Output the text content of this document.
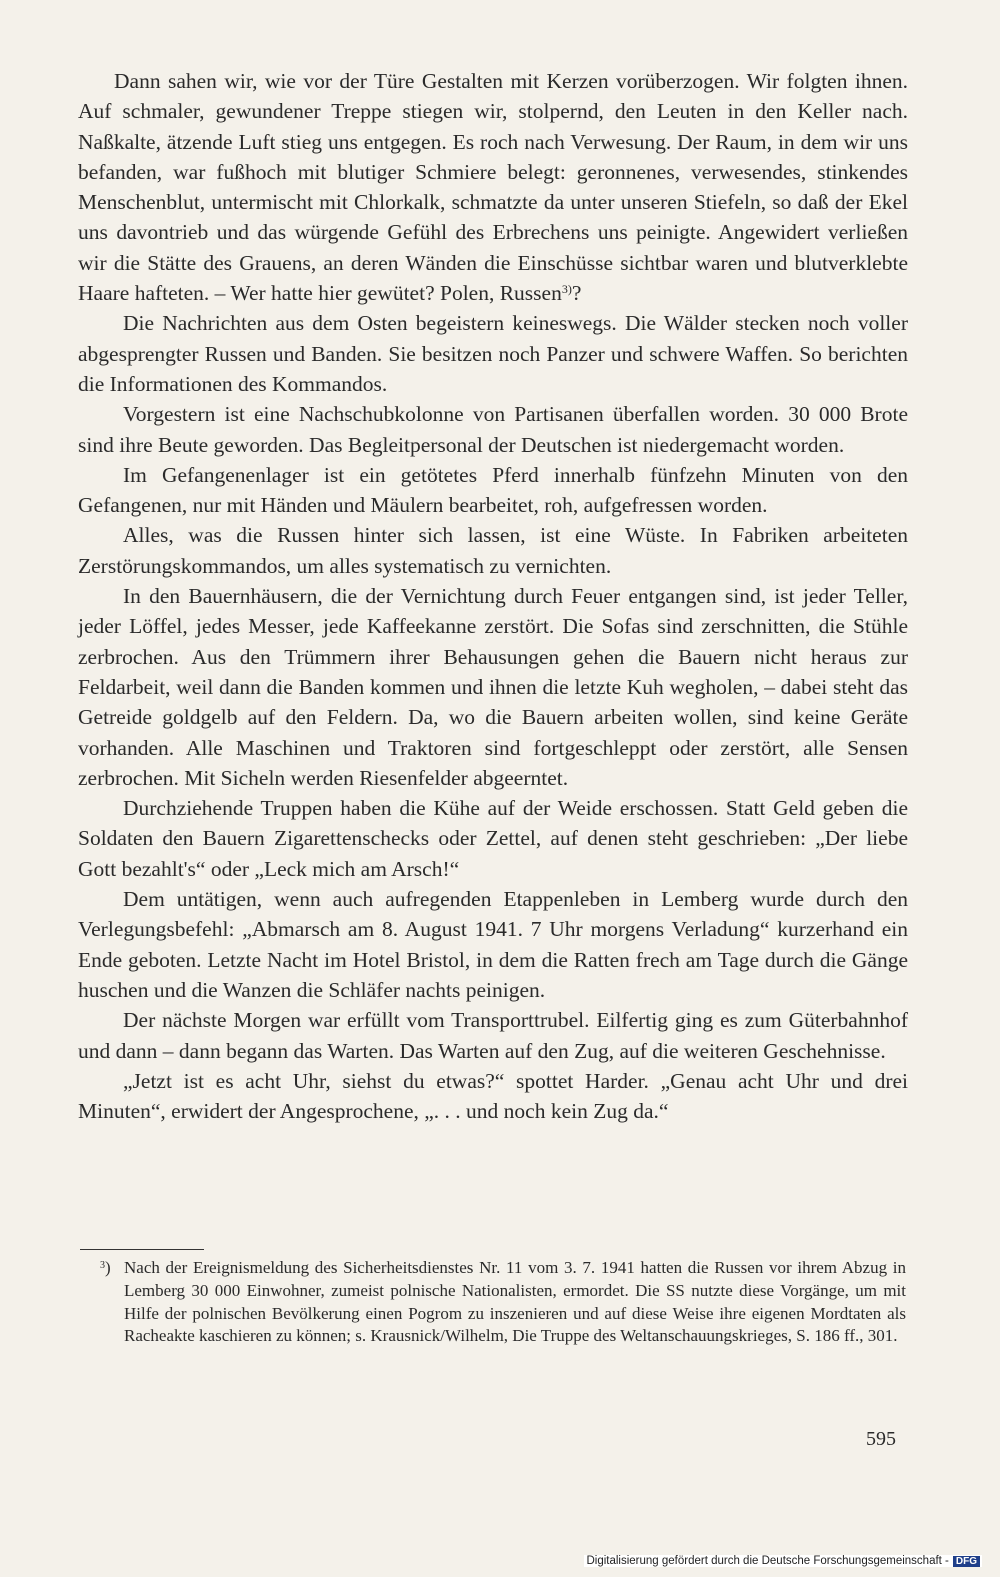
Dann sahen wir, wie vor der Türe Gestalten mit Kerzen vorüberzogen. Wir folgten ihnen. Auf schmaler, gewundener Treppe stiegen wir, stolpernd, den Leuten in den Keller nach. Naßkalte, ätzende Luft stieg uns entgegen. Es roch nach Verwesung. Der Raum, in dem wir uns befanden, war fußhoch mit blutiger Schmiere belegt: geronnenes, verwesendes, stinkendes Menschenblut, untermischt mit Chlorkalk, schmatzte da unter unseren Stiefeln, so daß der Ekel uns davontrieb und das würgende Gefühl des Erbrechens uns peinigte. Angewidert verließen wir die Stätte des Grauens, an deren Wänden die Einschüsse sichtbar waren und blutverklebte Haare hafteten. – Wer hatte hier gewütet? Polen, Russen$^{3)}$?

Die Nachrichten aus dem Osten begeistern keineswegs. Die Wälder stecken noch voller abgesprengter Russen und Banden. Sie besitzen noch Panzer und schwere Waffen. So berichten die Informationen des Kommandos.

Vorgestern ist eine Nachschubkolonne von Partisanen überfallen worden. 30 000 Brote sind ihre Beute geworden. Das Begleitpersonal der Deutschen ist niedergemacht worden.

Im Gefangenenlager ist ein getötetes Pferd innerhalb fünfzehn Minuten von den Gefangenen, nur mit Händen und Mäulern bearbeitet, roh, aufgefressen worden.

Alles, was die Russen hinter sich lassen, ist eine Wüste. In Fabriken arbeiteten Zerstörungskommandos, um alles systematisch zu vernichten.

In den Bauernhäusern, die der Vernichtung durch Feuer entgangen sind, ist jeder Teller, jeder Löffel, jedes Messer, jede Kaffeekanne zerstört. Die Sofas sind zerschnitten, die Stühle zerbrochen. Aus den Trümmern ihrer Behausungen gehen die Bauern nicht heraus zur Feldarbeit, weil dann die Banden kommen und ihnen die letzte Kuh wegholen, – dabei steht das Getreide goldgelb auf den Feldern. Da, wo die Bauern arbeiten wollen, sind keine Geräte vorhanden. Alle Maschinen und Traktoren sind fortgeschleppt oder zerstört, alle Sensen zerbrochen. Mit Sicheln werden Riesenfelder abgeerntet.

Durchziehende Truppen haben die Kühe auf der Weide erschossen. Statt Geld geben die Soldaten den Bauern Zigarettenschecks oder Zettel, auf denen steht geschrieben: „Der liebe Gott bezahlt's“ oder „Leck mich am Arsch!“

Dem untätigen, wenn auch aufregenden Etappenleben in Lemberg wurde durch den Verlegungsbefehl: „Abmarsch am 8. August 1941. 7 Uhr morgens Verladung“ kurzerhand ein Ende geboten. Letzte Nacht im Hotel Bristol, in dem die Ratten frech am Tage durch die Gänge huschen und die Wanzen die Schläfer nachts peinigen.

Der nächste Morgen war erfüllt vom Transporttrubel. Eilfertig ging es zum Güterbahnhof und dann – dann begann das Warten. Das Warten auf den Zug, auf die weiteren Geschehnisse.

„Jetzt ist es acht Uhr, siehst du etwas?“ spottet Harder. „Genau acht Uhr und drei Minuten“, erwidert der Angesprochene, „. . . und noch kein Zug da.“

$^3$) Nach der Ereignismeldung des Sicherheitsdienstes Nr. 11 vom 3. 7. 1941 hatten die Russen vor ihrem Abzug in Lemberg 30 000 Einwohner, zumeist polnische Nationalisten, ermordet. Die SS nutzte diese Vorgänge, um mit Hilfe der polnischen Bevölkerung einen Pogrom zu inszenieren und auf diese Weise ihre eigenen Mordtaten als Racheakte kaschieren zu können; s. Krausnick/Wilhelm, Die Truppe des Weltanschauungskrieges, S. 186 ff., 301.
595
Digitalisierung gefördert durch die Deutsche Forschungsgemeinschaft - DFG
